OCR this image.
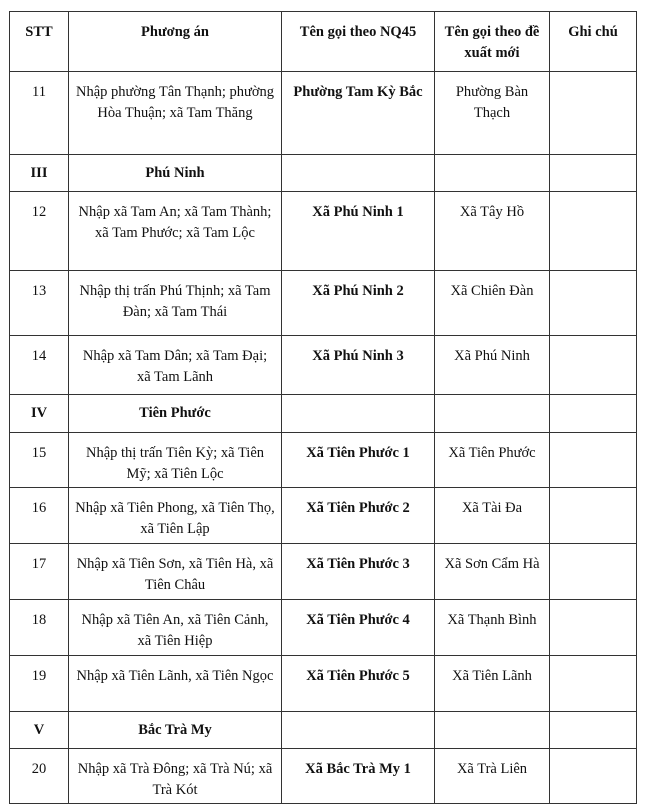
STT	Phương án	Tên gọi theo NQ45	Tên gọi theo đề xuất mới	Ghi chú
11	Nhập phường Tân Thạnh; phường Hòa Thuận; xã Tam Thăng	Phường Tam Kỳ Bắc	Phường Bàn Thạch	
III	Phú Ninh			
12	Nhập xã Tam An; xã Tam Thành; xã Tam Phước; xã Tam Lộc	Xã Phú Ninh 1	Xã Tây Hồ	
13	Nhập thị trấn Phú Thịnh; xã Tam Đàn; xã Tam Thái	Xã Phú Ninh 2	Xã Chiên Đàn	
14	Nhập xã Tam Dân; xã Tam Đại; xã Tam Lãnh	Xã Phú Ninh 3	Xã Phú Ninh	
IV	Tiên Phước			
15	Nhập thị trấn Tiên Kỳ; xã Tiên Mỹ; xã Tiên Lộc	Xã Tiên Phước 1	Xã Tiên Phước	
16	Nhập xã Tiên Phong, xã Tiên Thọ, xã Tiên Lập	Xã Tiên Phước 2	Xã Tài Đa	
17	Nhập xã Tiên Sơn, xã Tiên Hà, xã Tiên Châu	Xã Tiên Phước 3	Xã Sơn Cẩm Hà	
18	Nhập xã Tiên An, xã Tiên Cảnh, xã Tiên Hiệp	Xã Tiên Phước 4	Xã Thạnh Bình	
19	Nhập xã Tiên Lãnh, xã Tiên Ngọc	Xã Tiên Phước 5	Xã Tiên Lãnh	
V	Bắc Trà My			
20	Nhập xã Trà Đông; xã Trà Nú; xã Trà Kót	Xã Bắc Trà My 1	Xã Trà Liên	
